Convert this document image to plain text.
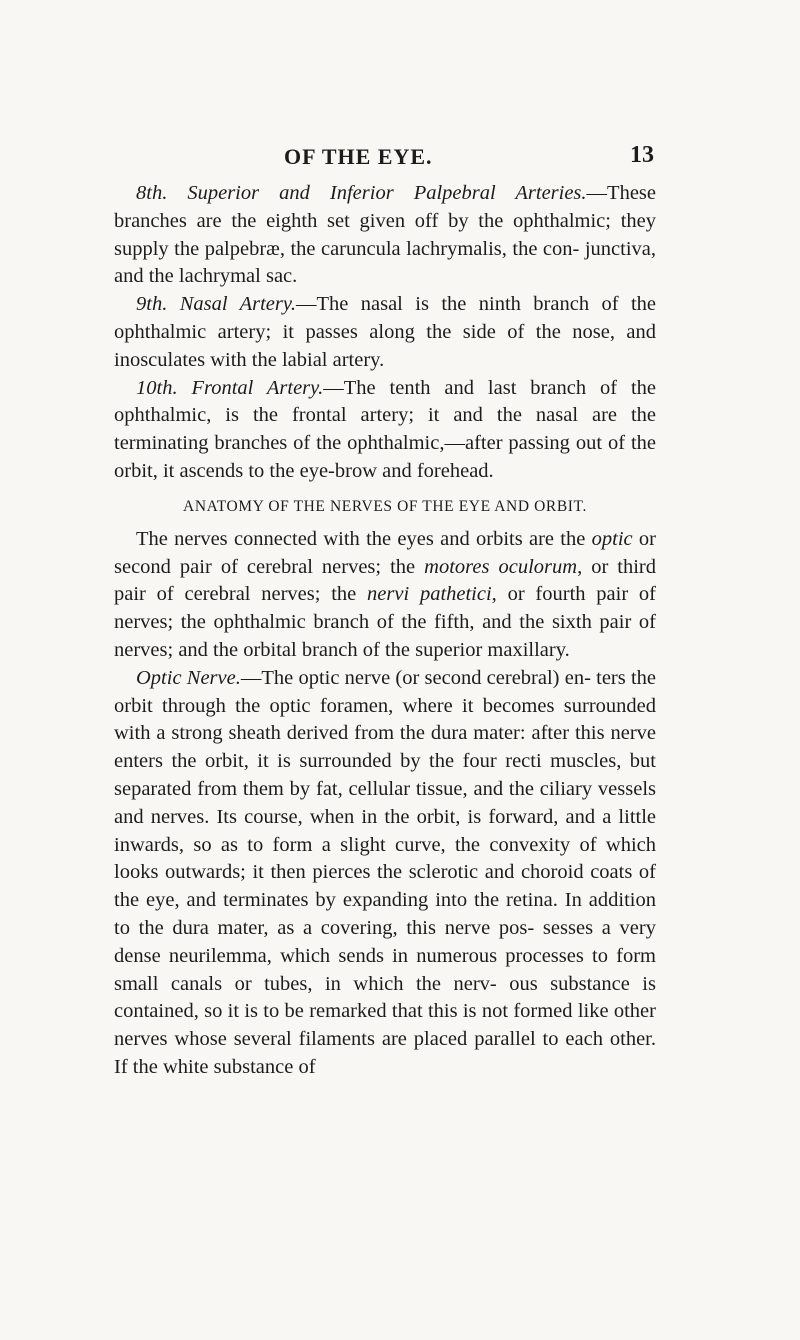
OF THE EYE.	13

8th. Superior and Inferior Palpebral Arteries.—These branches are the eighth set given off by the ophthalmic; they supply the palpebræ, the caruncula lachrymalis, the con- junctiva, and the lachrymal sac.

9th. Nasal Artery.—The nasal is the ninth branch of the ophthalmic artery; it passes along the side of the nose, and inosculates with the labial artery.

10th. Frontal Artery.—The tenth and last branch of the ophthalmic, is the frontal artery; it and the nasal are the terminating branches of the ophthalmic,—after passing out of the orbit, it ascends to the eye-brow and forehead.

ANATOMY OF THE NERVES OF THE EYE AND ORBIT.

The nerves connected with the eyes and orbits are the optic or second pair of cerebral nerves; the motores oculorum, or third pair of cerebral nerves; the nervi pathetici, or fourth pair of nerves; the ophthalmic branch of the fifth, and the sixth pair of nerves; and the orbital branch of the superior maxillary.

Optic Nerve.—The optic nerve (or second cerebral) en- ters the orbit through the optic foramen, where it becomes surrounded with a strong sheath derived from the dura mater: after this nerve enters the orbit, it is surrounded by the four recti muscles, but separated from them by fat, cellular tissue, and the ciliary vessels and nerves. Its course, when in the orbit, is forward, and a little inwards, so as to form a slight curve, the convexity of which looks outwards; it then pierces the sclerotic and choroid coats of the eye, and terminates by expanding into the retina. In addition to the dura mater, as a covering, this nerve pos- sesses a very dense neurilemma, which sends in numerous processes to form small canals or tubes, in which the nerv- ous substance is contained, so it is to be remarked that this is not formed like other nerves whose several filaments are placed parallel to each other. If the white substance of
